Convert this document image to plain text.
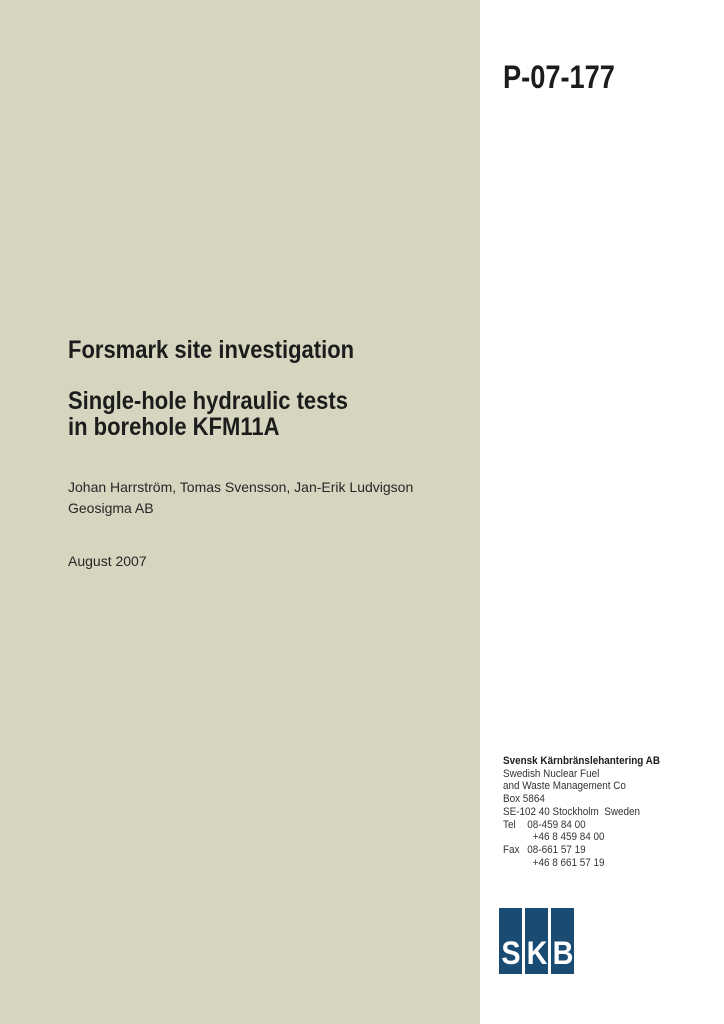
P-07-177
Forsmark site investigation
Single-hole hydraulic tests
in borehole KFM11A
Johan Harrström, Tomas Svensson, Jan-Erik Ludvigson
Geosigma AB
August 2007
Svensk Kärnbränslehantering AB
Swedish Nuclear Fuel
and Waste Management Co
Box 5864
SE-102 40 Stockholm  Sweden
Tel	08-459 84 00
+46 8 459 84 00
Fax 08-661 57 19
+46 8 661 57 19
S K B
